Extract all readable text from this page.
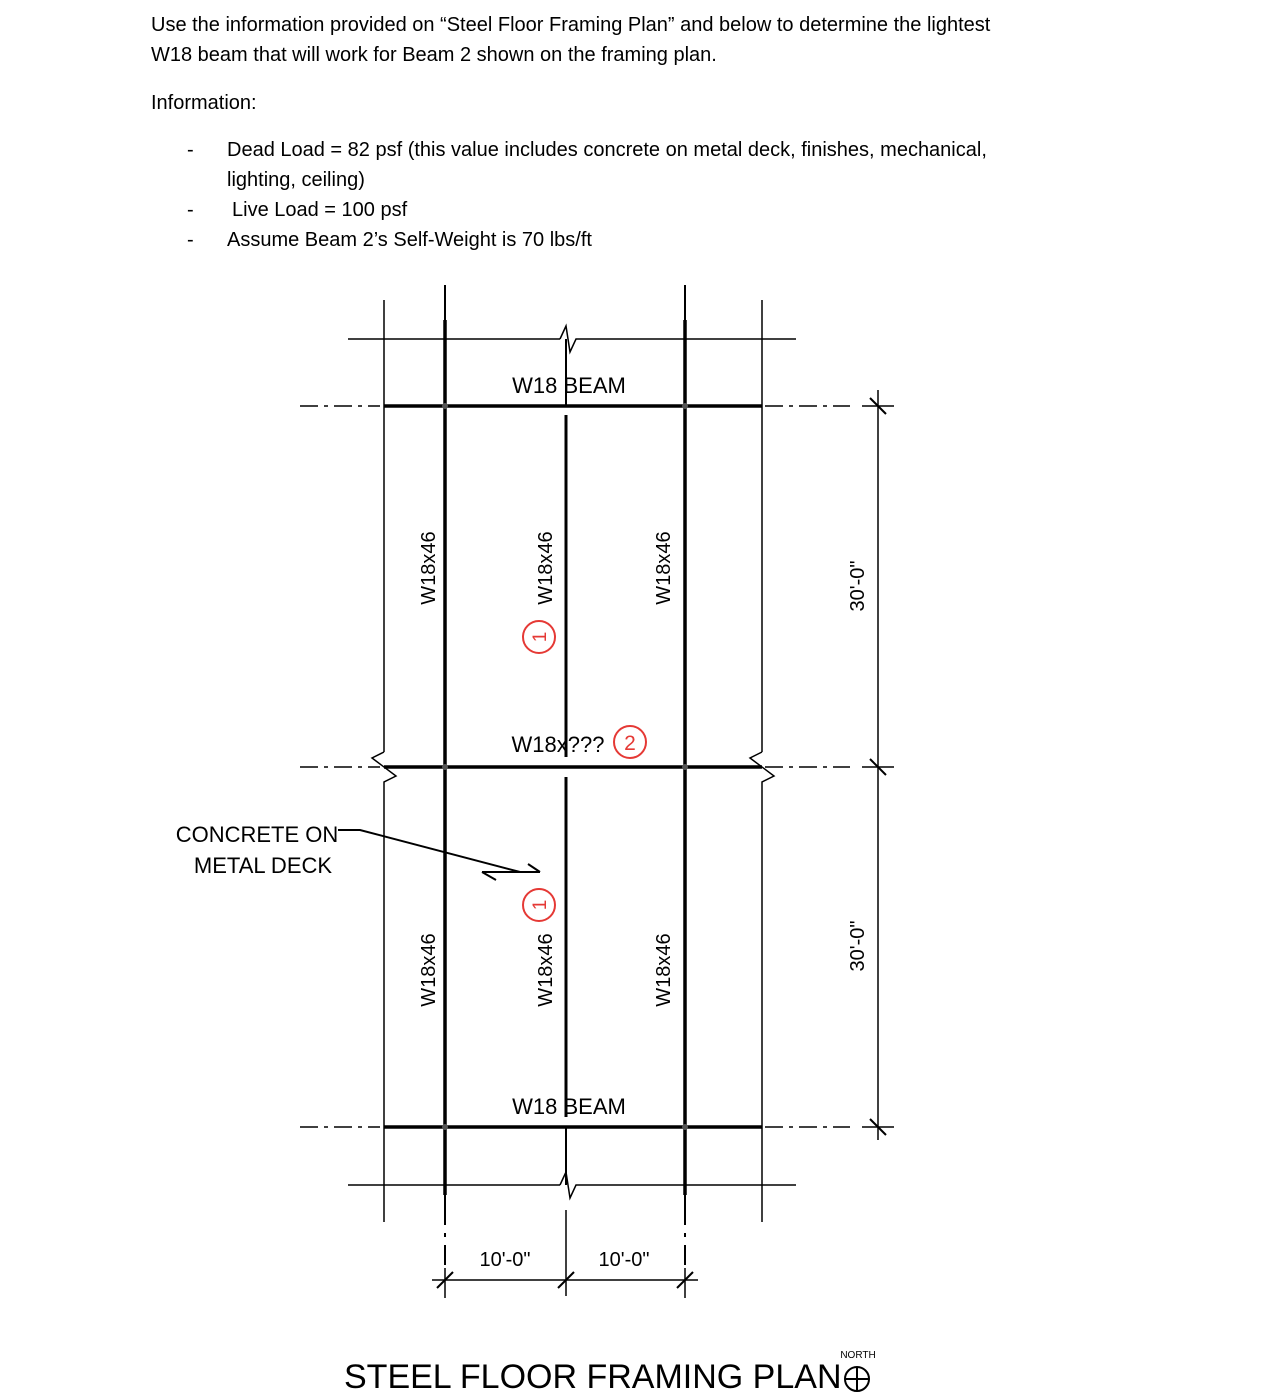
Use the information provided on “Steel Floor Framing Plan” and below to determine the lightest

W18 beam that will work for Beam 2 shown on the framing plan.

Information:
- Dead Load = 82 psf (this value includes concrete on metal deck, finishes, mechanical,
lighting, ceiling)
- Live Load = 100 psf
- Assume Beam 2’s Self-Weight is 70 lbs/ft
W18 BEAM
W18 BEAM
W18x??? 2
1
1
W18x46	W18x46	W18x46
W18x46	W18x46	W18x46
30'-0"
30'-0"
10'-0"	10'-0"
CONCRETE ON
METAL DECK
NORTH
STEEL FLOOR FRAMING PLAN
